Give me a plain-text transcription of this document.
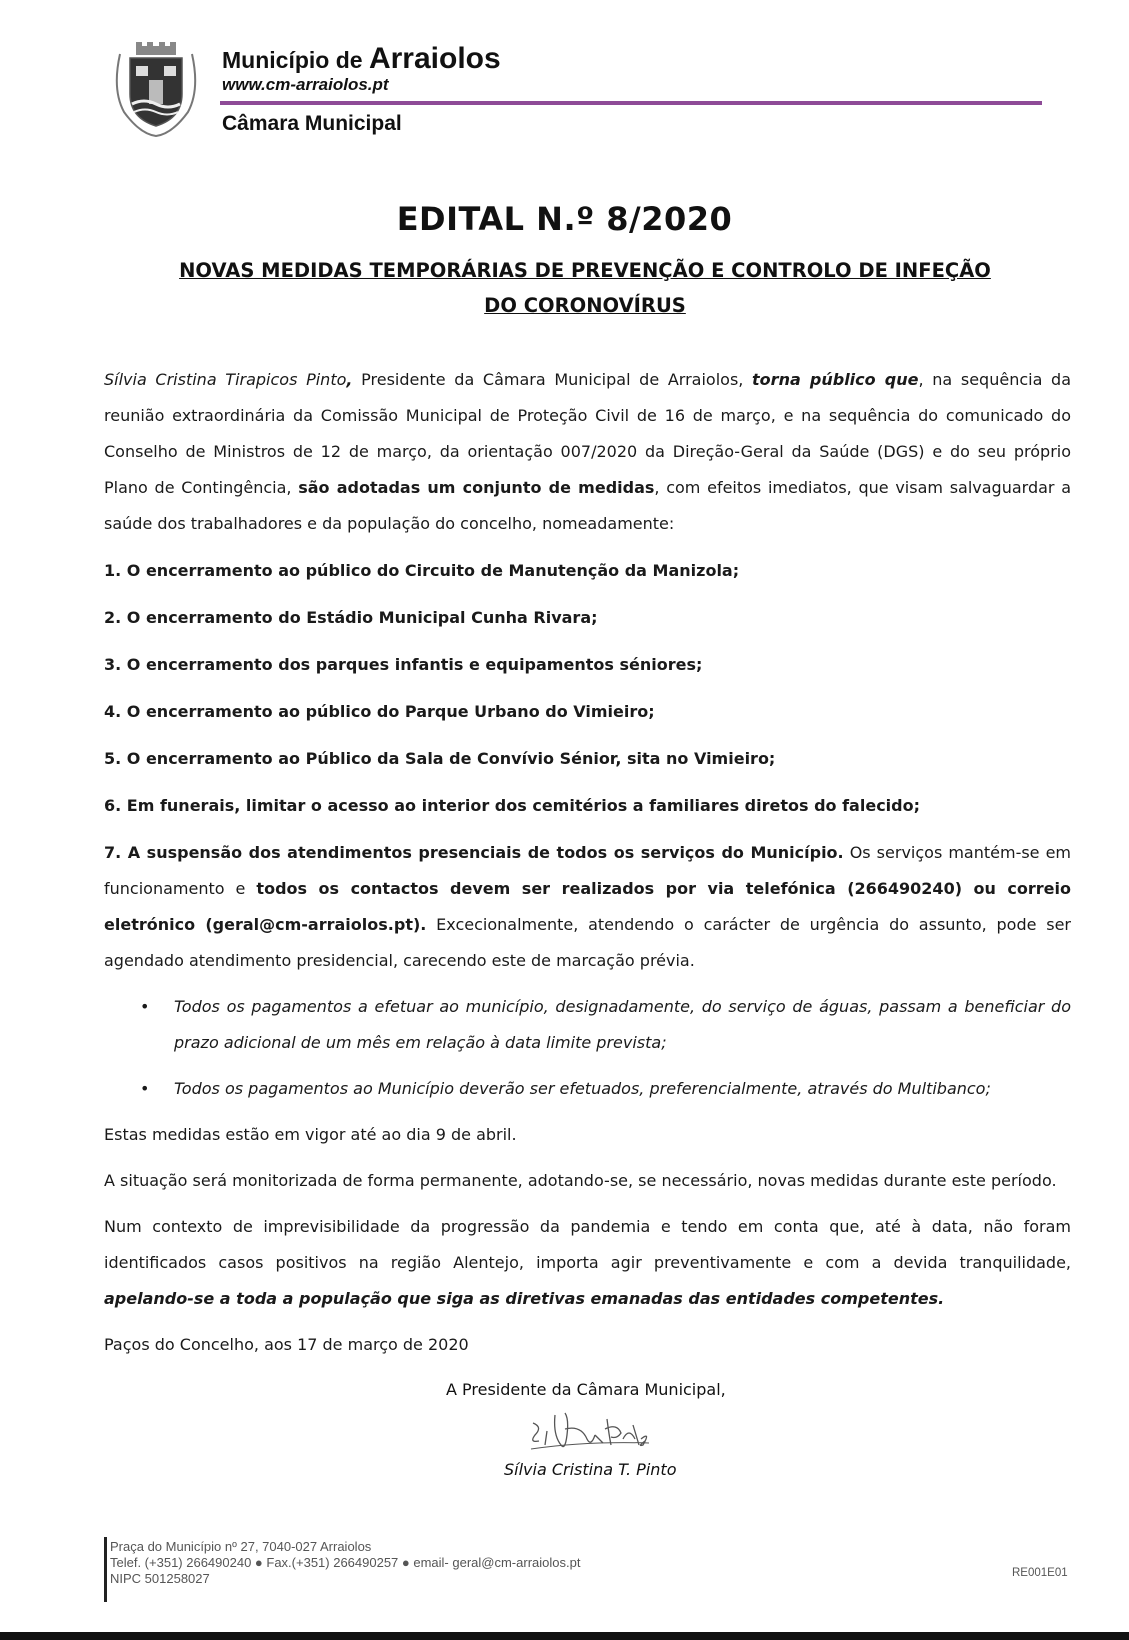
Município de Arraiolos
www.cm-arraiolos.pt
Câmara Municipal
EDITAL N.º 8/2020
NOVAS MEDIDAS TEMPORÁRIAS DE PREVENÇÃO E CONTROLO DE INFEÇÃO DO CORONOVÍRUS

Sílvia Cristina Tirapicos Pinto, Presidente da Câmara Municipal de Arraiolos, torna público que, na sequência da reunião extraordinária da Comissão Municipal de Proteção Civil de 16 de março, e na sequência do comunicado do Conselho de Ministros de 12 de março, da orientação 007/2020 da Direção-Geral da Saúde (DGS) e do seu próprio Plano de Contingência, são adotadas um conjunto de medidas, com efeitos imediatos, que visam salvaguardar a saúde dos trabalhadores e da população do concelho, nomeadamente:

1. O encerramento ao público do Circuito de Manutenção da Manizola;

2. O encerramento do Estádio Municipal Cunha Rivara;

3. O encerramento dos parques infantis e equipamentos séniores;

4. O encerramento ao público do Parque Urbano do Vimieiro;

5. O encerramento ao Público da Sala de Convívio Sénior, sita no Vimieiro;

6. Em funerais, limitar o acesso ao interior dos cemitérios a familiares diretos do falecido;

7. A suspensão dos atendimentos presenciais de todos os serviços do Município. Os serviços mantém-se em funcionamento e todos os contactos devem ser realizados por via telefónica (266490240) ou correio eletrónico (geral@cm-arraiolos.pt). Excecionalmente, atendendo o carácter de urgência do assunto, pode ser agendado atendimento presidencial, carecendo este de marcação prévia.

• Todos os pagamentos a efetuar ao município, designadamente, do serviço de águas, passam a beneficiar do prazo adicional de um mês em relação à data limite prevista;
• Todos os pagamentos ao Município deverão ser efetuados, preferencialmente, através do Multibanco;

Estas medidas estão em vigor até ao dia 9 de abril.

A situação será monitorizada de forma permanente, adotando-se, se necessário, novas medidas durante este período.

Num contexto de imprevisibilidade da progressão da pandemia e tendo em conta que, até à data, não foram identificados casos positivos na região Alentejo, importa agir preventivamente e com a devida tranquilidade, apelando-se a toda a população que siga as diretivas emanadas das entidades competentes.

Paços do Concelho, aos 17 de março de 2020

A Presidente da Câmara Municipal,
Sílvia Cristina T. Pinto
Praça do Município nº 27, 7040-027 Arraiolos
Telef. (+351) 266490240 ● Fax.(+351) 266490257 ● email- geral@cm-arraiolos.pt
NIPC 501258027	RE001E01
